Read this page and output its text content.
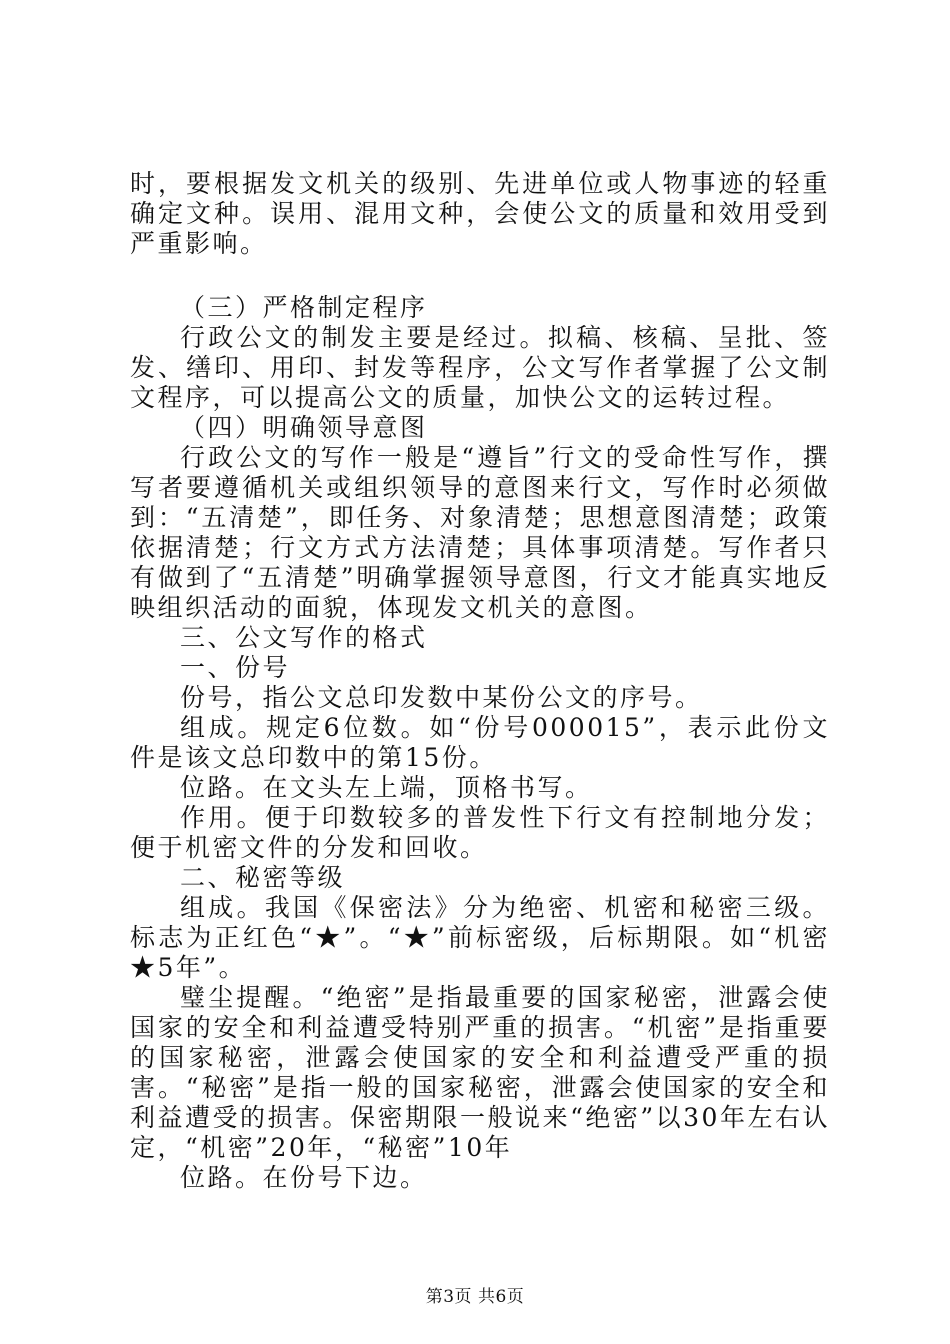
时，要根据发文机关的级别、先进单位或人物事迹的轻重确定文种。误用、混用文种，会使公文的质量和效用受到严重影响。

（三）严格制定程序

行政公文的制发主要是经过。拟稿、核稿、呈批、签发、缮印、用印、封发等程序，公文写作者掌握了公文制文程序，可以提高公文的质量，加快公文的运转过程。

（四）明确领导意图

行政公文的写作一般是“遵旨”行文的受命性写作，撰写者要遵循机关或组织领导的意图来行文，写作时必须做到：“五清楚”，即任务、对象清楚；思想意图清楚；政策依据清楚；行文方式方法清楚；具体事项清楚。写作者只有做到了“五清楚”明确掌握领导意图，行文才能真实地反映组织活动的面貌，体现发文机关的意图。

三、公文写作的格式

一、份号

份号，指公文总印发数中某份公文的序号。

组成。规定6位数。如“份号000015”，表示此份文件是该文总印数中的第15份。

位路。在文头左上端，顶格书写。

作用。便于印数较多的普发性下行文有控制地分发；便于机密文件的分发和回收。

二、秘密等级

组成。我国《保密法》分为绝密、机密和秘密三级。标志为正红色“★”。“★”前标密级，后标期限。如“机密★5年”。

璧尘提醒。“绝密”是指最重要的国家秘密，泄露会使国家的安全和利益遭受特别严重的损害。“机密”是指重要的国家秘密，泄露会使国家的安全和利益遭受严重的损害。“秘密”是指一般的国家秘密，泄露会使国家的安全和利益遭受的损害。保密期限一般说来“绝密”以30年左右认定，“机密”20年，“秘密”10年

位路。在份号下边。

第3页 共6页
